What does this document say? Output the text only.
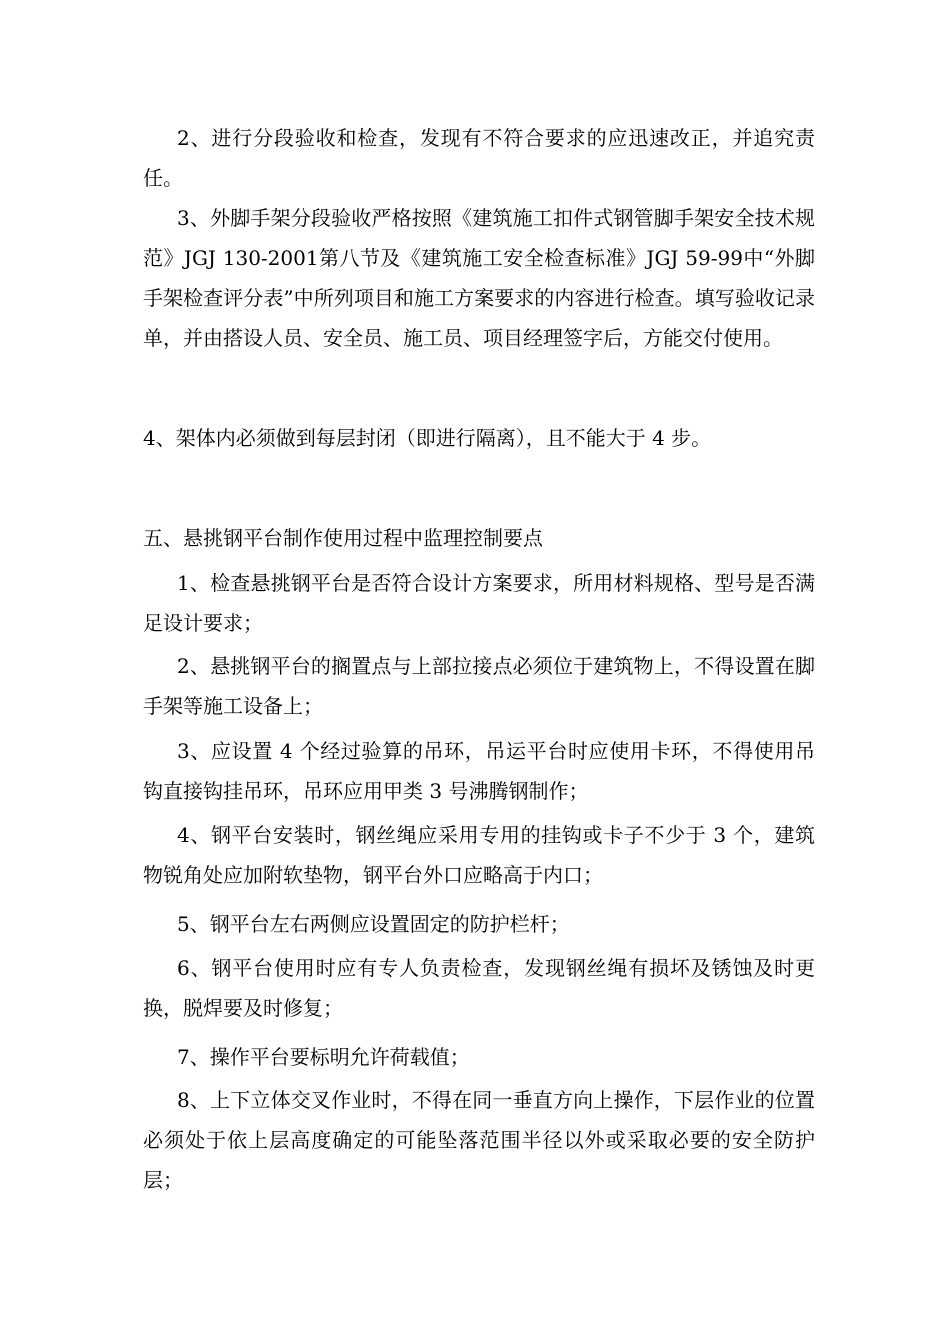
2、进行分段验收和检查，发现有不符合要求的应迅速改正，并追究责任。

3、外脚手架分段验收严格按照《建筑施工扣件式钢管脚手架安全技术规范》JGJ 130-2001第八节及《建筑施工安全检查标准》JGJ 59-99中“外脚手架检查评分表”中所列项目和施工方案要求的内容进行检查。填写验收记录单，并由搭设人员、安全员、施工员、项目经理签字后，方能交付使用。

4、架体内必须做到每层封闭（即进行隔离），且不能大于 4 步。

五、悬挑钢平台制作使用过程中监理控制要点

1、检查悬挑钢平台是否符合设计方案要求，所用材料规格、型号是否满足设计要求；

2、悬挑钢平台的搁置点与上部拉接点必须位于建筑物上，不得设置在脚手架等施工设备上；

3、应设置 4 个经过验算的吊环，吊运平台时应使用卡环，不得使用吊钩直接钩挂吊环，吊环应用甲类 3 号沸腾钢制作；

4、钢平台安装时，钢丝绳应采用专用的挂钩或卡子不少于 3 个，建筑物锐角处应加附软垫物，钢平台外口应略高于内口；

5、钢平台左右两侧应设置固定的防护栏杆；

6、钢平台使用时应有专人负责检查，发现钢丝绳有损坏及锈蚀及时更换，脱焊要及时修复；

7、操作平台要标明允许荷载值；

8、上下立体交叉作业时，不得在同一垂直方向上操作，下层作业的位置必须处于依上层高度确定的可能坠落范围半径以外或采取必要的安全防护层；
